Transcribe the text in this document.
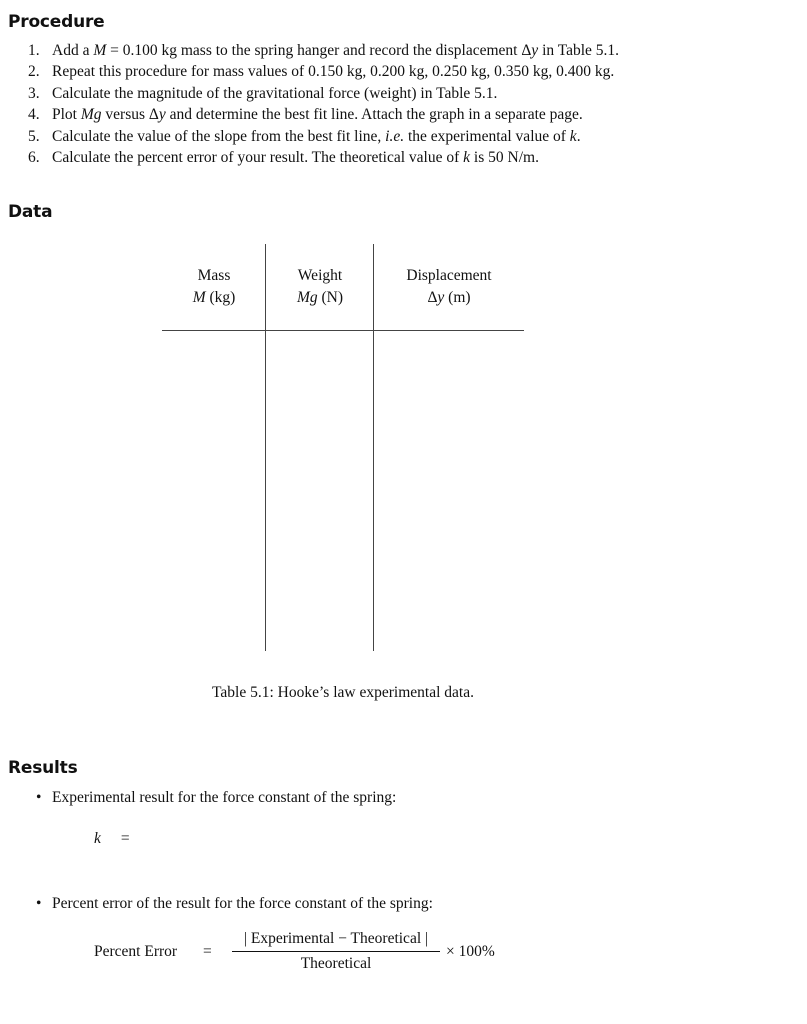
Procedure
1. Add a M = 0.100 kg mass to the spring hanger and record the displacement Δy in Table 5.1.
2. Repeat this procedure for mass values of 0.150 kg, 0.200 kg, 0.250 kg, 0.350 kg, 0.400 kg.
3. Calculate the magnitude of the gravitational force (weight) in Table 5.1.
4. Plot Mg versus Δy and determine the best fit line. Attach the graph in a separate page.
5. Calculate the value of the slope from the best fit line, i.e. the experimental value of k.
6. Calculate the percent error of your result. The theoretical value of k is 50 N/m.
Data
Mass
M (kg)
Weight
Mg (N)
Displacement
Δy (m)
Table 5.1: Hooke’s law experimental data.
Results
• Experimental result for the force constant of the spring:
k =
• Percent error of the result for the force constant of the spring:
Percent Error =
| Experimental − Theoretical |
Theoretical
× 100%
